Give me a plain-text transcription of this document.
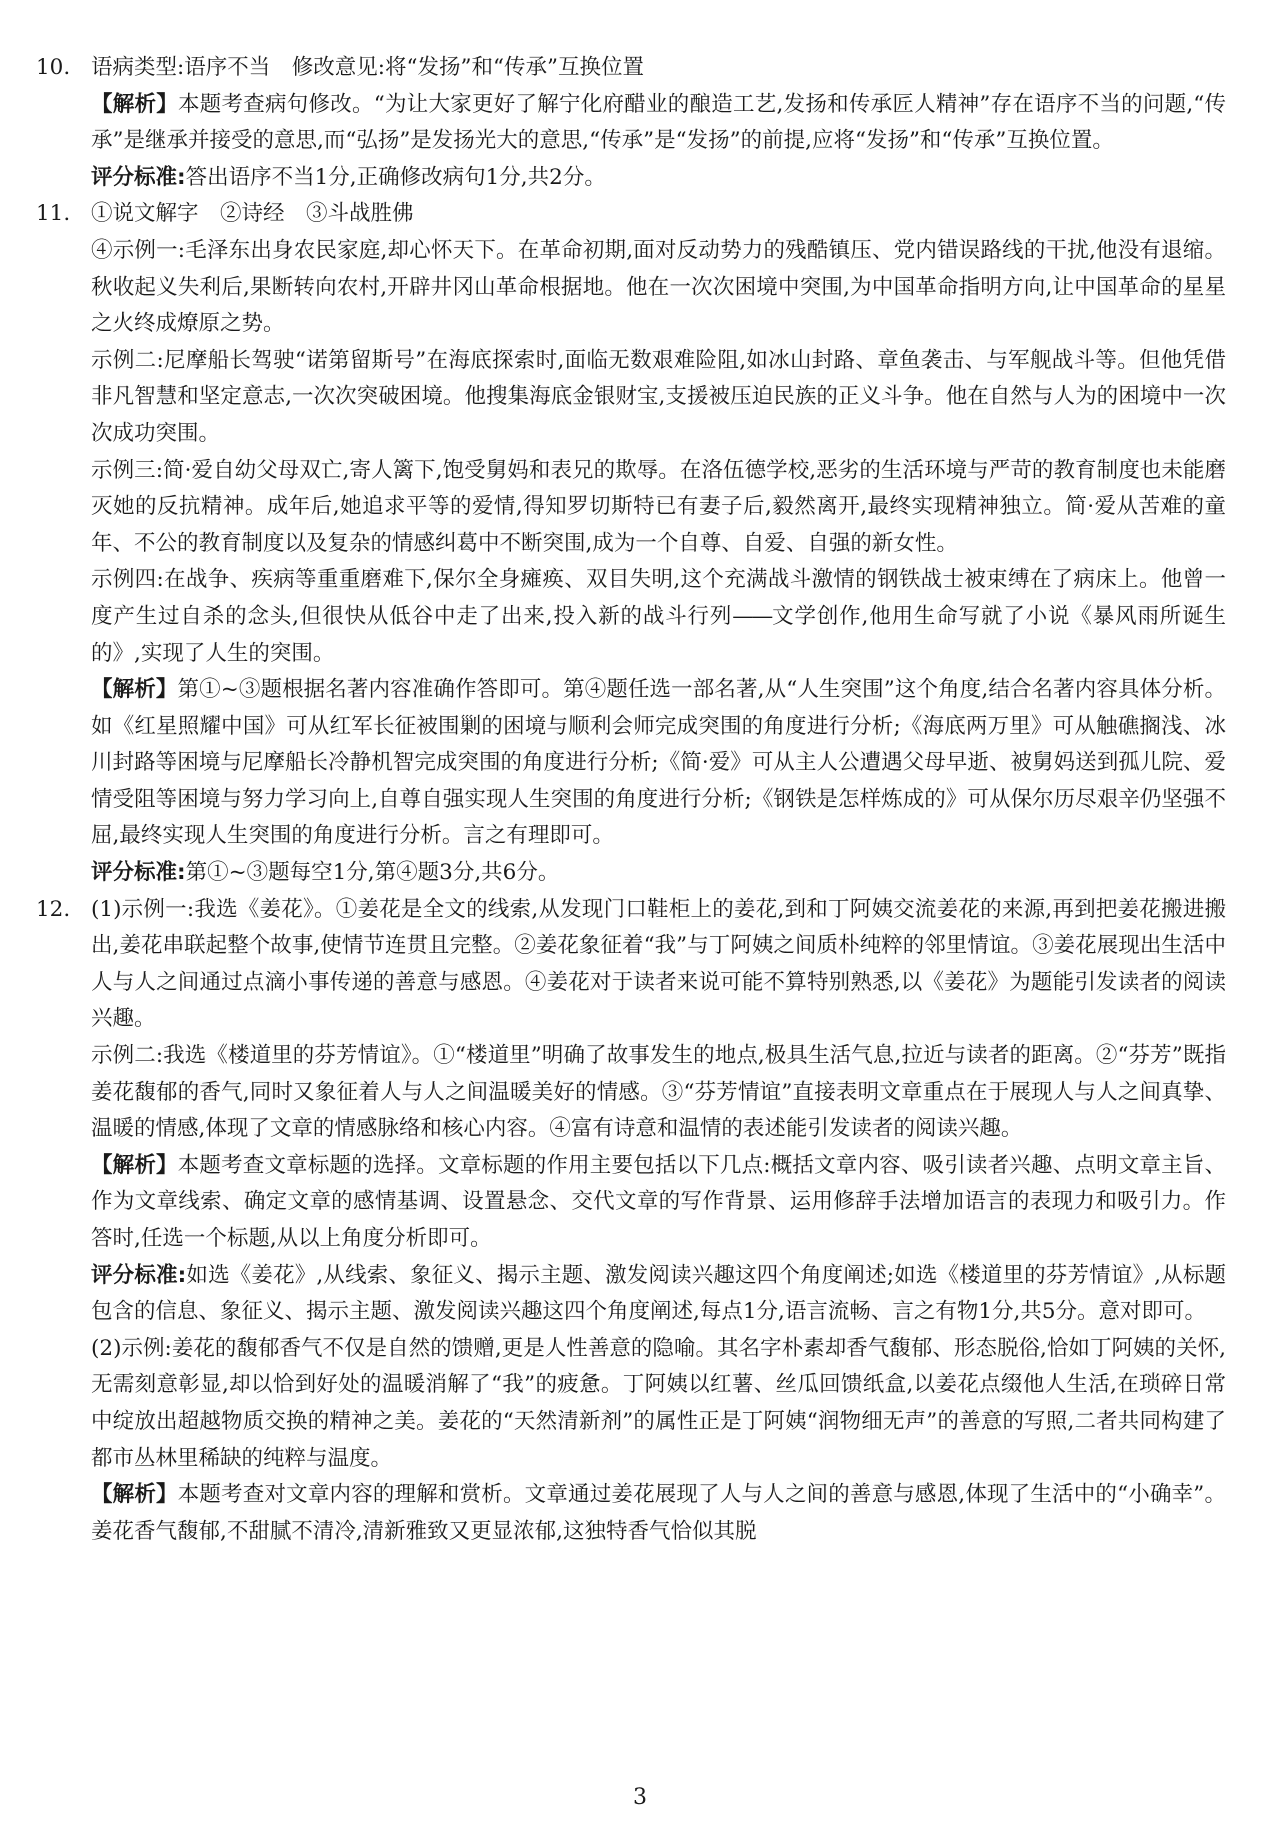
10. 语病类型:语序不当　修改意见:将“发扬”和“传承”互换位置

【解析】本题考查病句修改。“为让大家更好了解宁化府醋业的酿造工艺,发扬和传承匠人精神”存在语序不当的问题,“传承”是继承并接受的意思,而“弘扬”是发扬光大的意思,“传承”是“发扬”的前提,应将“发扬”和“传承”互换位置。

评分标准:答出语序不当1分,正确修改病句1分,共2分。

11. ①说文解字　②诗经　③斗战胜佛

④示例一:毛泽东出身农民家庭,却心怀天下。在革命初期,面对反动势力的残酷镇压、党内错误路线的干扰,他没有退缩。秋收起义失利后,果断转向农村,开辟井冈山革命根据地。他在一次次困境中突围,为中国革命指明方向,让中国革命的星星之火终成燎原之势。

示例二:尼摩船长驾驶“诺第留斯号”在海底探索时,面临无数艰难险阻,如冰山封路、章鱼袭击、与军舰战斗等。但他凭借非凡智慧和坚定意志,一次次突破困境。他搜集海底金银财宝,支援被压迫民族的正义斗争。他在自然与人为的困境中一次次成功突围。

示例三:简·爱自幼父母双亡,寄人篱下,饱受舅妈和表兄的欺辱。在洛伍德学校,恶劣的生活环境与严苛的教育制度也未能磨灭她的反抗精神。成年后,她追求平等的爱情,得知罗切斯特已有妻子后,毅然离开,最终实现精神独立。简·爱从苦难的童年、不公的教育制度以及复杂的情感纠葛中不断突围,成为一个自尊、自爱、自强的新女性。

示例四:在战争、疾病等重重磨难下,保尔全身瘫痪、双目失明,这个充满战斗激情的钢铁战士被束缚在了病床上。他曾一度产生过自杀的念头,但很快从低谷中走了出来,投入新的战斗行列——文学创作,他用生命写就了小说《暴风雨所诞生的》,实现了人生的突围。

【解析】第①~③题根据名著内容准确作答即可。第④题任选一部名著,从“人生突围”这个角度,结合名著内容具体分析。如《红星照耀中国》可从红军长征被围剿的困境与顺利会师完成突围的角度进行分析;《海底两万里》可从触礁搁浅、冰川封路等困境与尼摩船长冷静机智完成突围的角度进行分析;《简·爱》可从主人公遭遇父母早逝、被舅妈送到孤儿院、爱情受阻等困境与努力学习向上,自尊自强实现人生突围的角度进行分析;《钢铁是怎样炼成的》可从保尔历尽艰辛仍坚强不屈,最终实现人生突围的角度进行分析。言之有理即可。

评分标准:第①~③题每空1分,第④题3分,共6分。

12. (1)示例一:我选《姜花》。①姜花是全文的线索,从发现门口鞋柜上的姜花,到和丁阿姨交流姜花的来源,再到把姜花搬进搬出,姜花串联起整个故事,使情节连贯且完整。②姜花象征着“我”与丁阿姨之间质朴纯粹的邻里情谊。③姜花展现出生活中人与人之间通过点滴小事传递的善意与感恩。④姜花对于读者来说可能不算特别熟悉,以《姜花》为题能引发读者的阅读兴趣。

示例二:我选《楼道里的芬芳情谊》。①“楼道里”明确了故事发生的地点,极具生活气息,拉近与读者的距离。②“芬芳”既指姜花馥郁的香气,同时又象征着人与人之间温暖美好的情感。③“芬芳情谊”直接表明文章重点在于展现人与人之间真挚、温暖的情感,体现了文章的情感脉络和核心内容。④富有诗意和温情的表述能引发读者的阅读兴趣。

【解析】本题考查文章标题的选择。文章标题的作用主要包括以下几点:概括文章内容、吸引读者兴趣、点明文章主旨、作为文章线索、确定文章的感情基调、设置悬念、交代文章的写作背景、运用修辞手法增加语言的表现力和吸引力。作答时,任选一个标题,从以上角度分析即可。

评分标准:如选《姜花》,从线索、象征义、揭示主题、激发阅读兴趣这四个角度阐述;如选《楼道里的芬芳情谊》,从标题包含的信息、象征义、揭示主题、激发阅读兴趣这四个角度阐述,每点1分,语言流畅、言之有物1分,共5分。意对即可。

(2)示例:姜花的馥郁香气不仅是自然的馈赠,更是人性善意的隐喻。其名字朴素却香气馥郁、形态脱俗,恰如丁阿姨的关怀,无需刻意彰显,却以恰到好处的温暖消解了“我”的疲惫。丁阿姨以红薯、丝瓜回馈纸盒,以姜花点缀他人生活,在琐碎日常中绽放出超越物质交换的精神之美。姜花的“天然清新剂”的属性正是丁阿姨“润物细无声”的善意的写照,二者共同构建了都市丛林里稀缺的纯粹与温度。

【解析】本题考查对文章内容的理解和赏析。文章通过姜花展现了人与人之间的善意与感恩,体现了生活中的“小确幸”。姜花香气馥郁,不甜腻不清冷,清新雅致又更显浓郁,这独特香气恰似其脱

3
